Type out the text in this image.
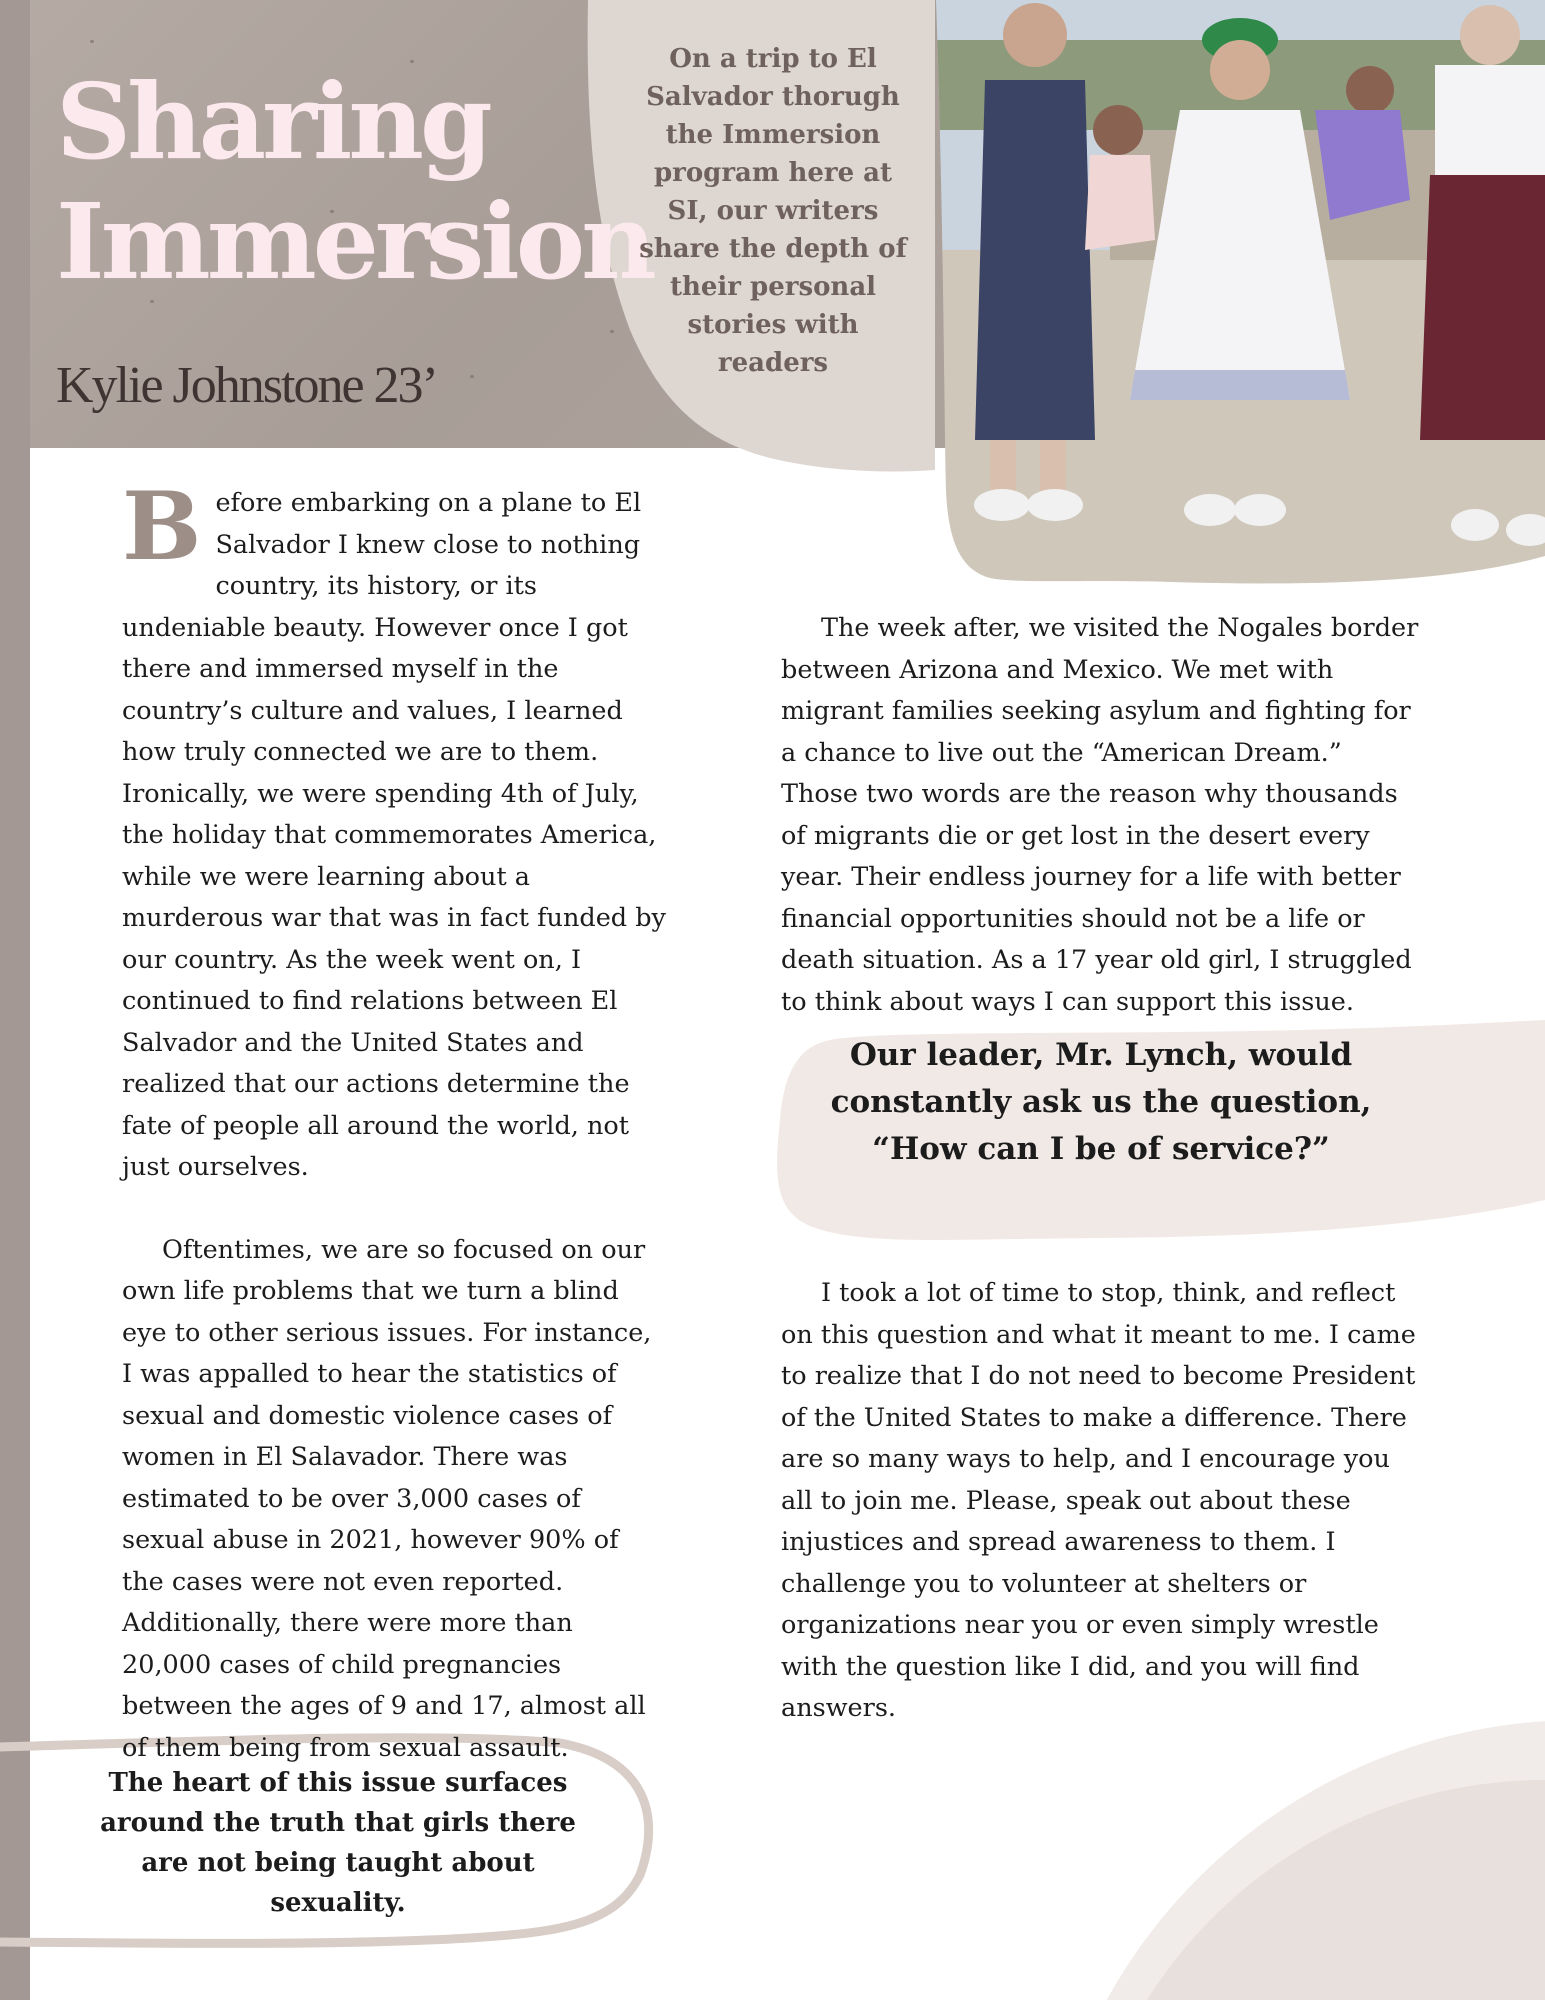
Sharing
Immersion
Kylie Johnstone 23’
On a trip to El Salvador thorugh the Immersion program here at SI, our writers share the depth of their personal stories with readers

Before embarking on a plane to El Salvador I knew close to nothing country, its history, or its undeniable beauty. However once I got there and immersed myself in the country’s culture and values, I learned how truly connected we are to them. Ironically, we were spending 4th of July, the holiday that commemorates America, while we were learning about a murderous war that was in fact funded by our country. As the week went on, I continued to find relations between El Salvador and the United States and realized that our actions determine the fate of people all around the world, not just ourselves.

Oftentimes, we are so focused on our own life problems that we turn a blind eye to other serious issues. For instance, I was appalled to hear the statistics of sexual and domestic violence cases of women in El Salavador. There was estimated to be over 3,000 cases of sexual abuse in 2021, however 90% of the cases were not even reported. Additionally, there were more than 20,000 cases of child pregnancies between the ages of 9 and 17, almost all of them being from sexual assault.

The week after, we visited the Nogales border between Arizona and Mexico. We met with migrant families seeking asylum and fighting for a chance to live out the “American Dream.” Those two words are the reason why thousands of migrants die or get lost in the desert every year. Their endless journey for a life with better financial opportunities should not be a life or death situation. As a 17 year old girl, I struggled to think about ways I can support this issue.

Our leader, Mr. Lynch, would constantly ask us the question, “How can I be of service?”

I took a lot of time to stop, think, and reflect on this question and what it meant to me. I came to realize that I do not need to become President of the United States to make a difference. There are so many ways to help, and I encourage you all to join me. Please, speak out about these injustices and spread awareness to them. I challenge you to volunteer at shelters or organizations near you or even simply wrestle with the question like I did, and you will find answers.

The heart of this issue surfaces around the truth that girls there are not being taught about sexuality.
